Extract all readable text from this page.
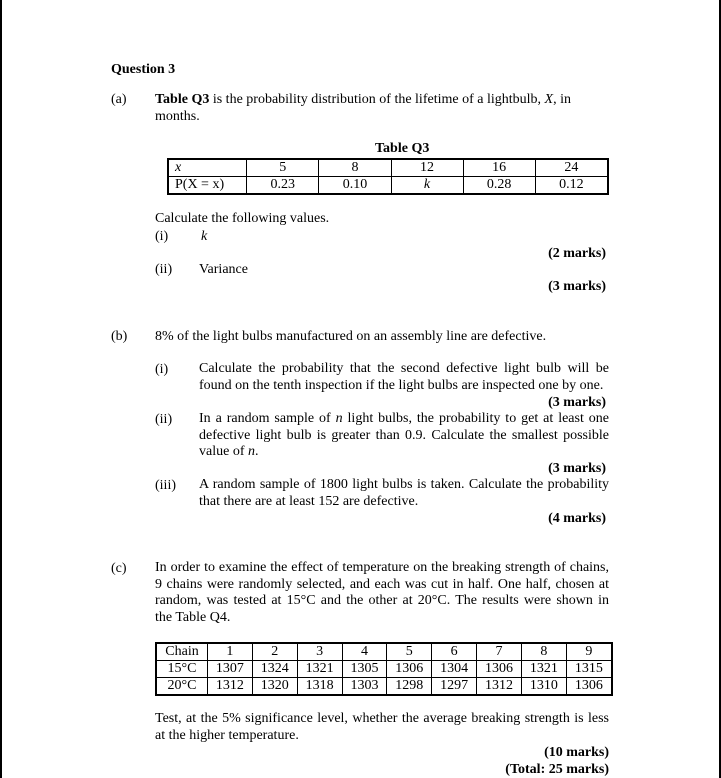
Question 3
(a) Table Q3 is the probability distribution of the lifetime of a lightbulb, X, in
months.
Table Q3
x	5	8	12	16	24
P(X = x)	0.23	0.10	k	0.28	0.12
Calculate the following values.
(i) k
(2 marks)
(ii) Variance
(3 marks)
(b) 8% of the light bulbs manufactured on an assembly line are defective.
(i) Calculate the probability that the second defective light bulb will be
found on the tenth inspection if the light bulbs are inspected one by one.
(3 marks)
(ii) In a random sample of n light bulbs, the probability to get at least one
defective light bulb is greater than 0.9. Calculate the smallest possible
value of n.
(3 marks)
(iii) A random sample of 1800 light bulbs is taken. Calculate the probability
that there are at least 152 are defective.
(4 marks)
(c) In order to examine the effect of temperature on the breaking strength of chains,
9 chains were randomly selected, and each was cut in half. One half, chosen at
random, was tested at 15°C and the other at 20°C. The results were shown in
the Table Q4.
Chain	1	2	3	4	5	6	7	8	9
15°C	1307	1324	1321	1305	1306	1304	1306	1321	1315
20°C	1312	1320	1318	1303	1298	1297	1312	1310	1306
Test, at the 5% significance level, whether the average breaking strength is less
at the higher temperature.
(10 marks)
(Total: 25 marks)
